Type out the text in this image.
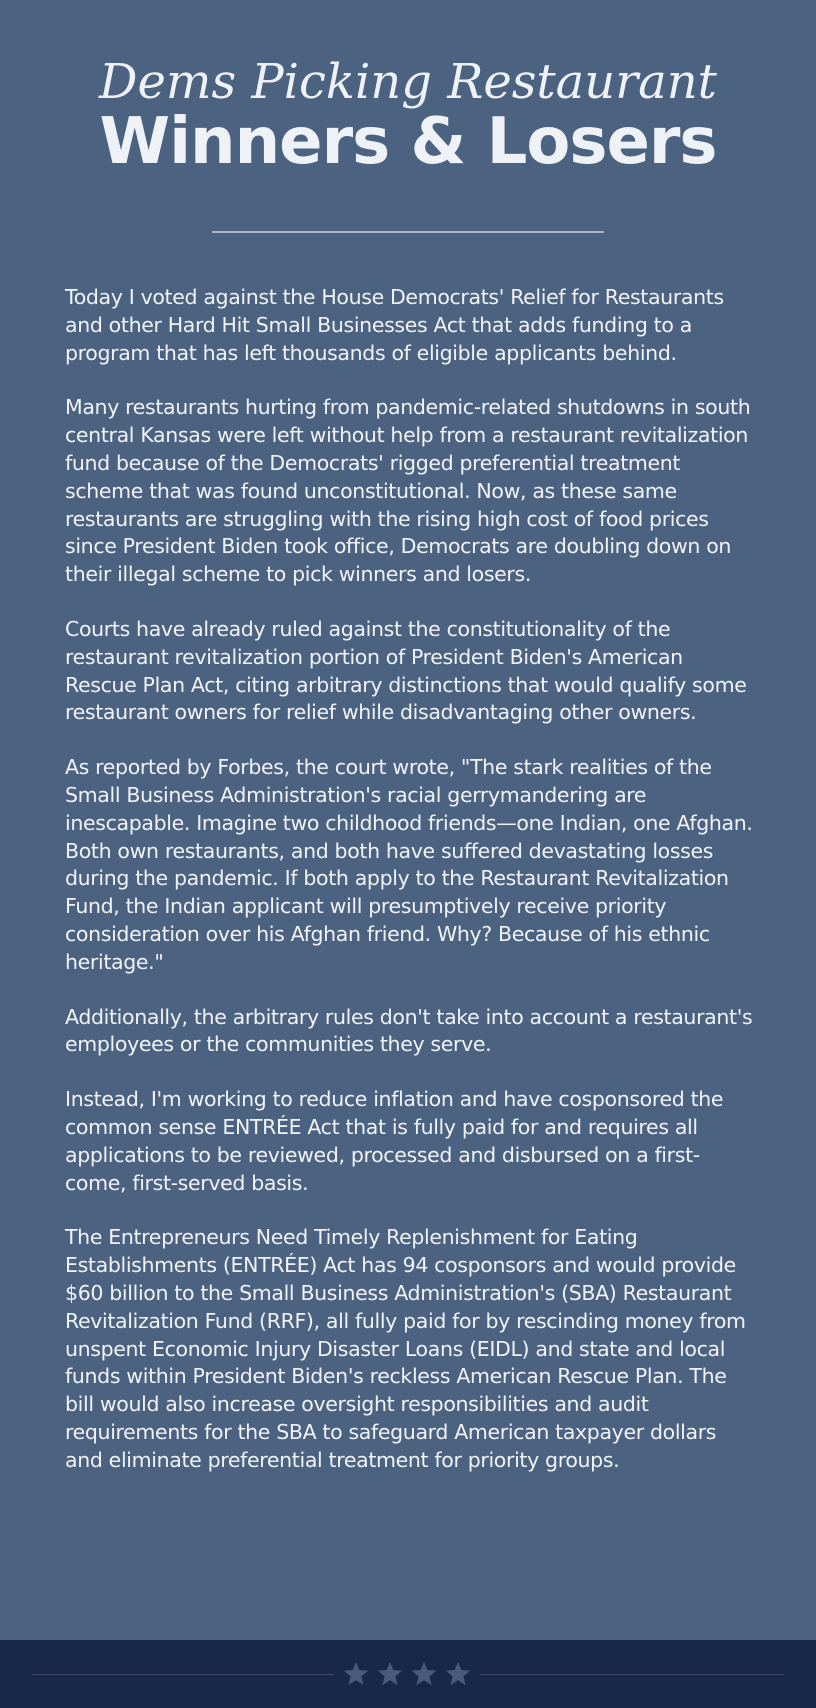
Dems Picking Restaurant
Winners & Losers

Today I voted against the House Democrats' Relief for Restaurants and other Hard Hit Small Businesses Act that adds funding to a program that has left thousands of eligible applicants behind.

Many restaurants hurting from pandemic-related shutdowns in south central Kansas were left without help from a restaurant revitalization fund because of the Democrats' rigged preferential treatment scheme that was found unconstitutional. Now, as these same restaurants are struggling with the rising high cost of food prices since President Biden took office, Democrats are doubling down on their illegal scheme to pick winners and losers.

Courts have already ruled against the constitutionality of the restaurant revitalization portion of President Biden's American Rescue Plan Act, citing arbitrary distinctions that would qualify some restaurant owners for relief while disadvantaging other owners.

As reported by Forbes, the court wrote, "The stark realities of the Small Business Administration's racial gerrymandering are inescapable. Imagine two childhood friends—one Indian, one Afghan. Both own restaurants, and both have suffered devastating losses during the pandemic. If both apply to the Restaurant Revitalization Fund, the Indian applicant will presumptively receive priority consideration over his Afghan friend. Why? Because of his ethnic heritage."

Additionally, the arbitrary rules don't take into account a restaurant's employees or the communities they serve.

Instead, I'm working to reduce inflation and have cosponsored the common sense ENTRÉE Act that is fully paid for and requires all applications to be reviewed, processed and disbursed on a first-come, first-served basis.

The Entrepreneurs Need Timely Replenishment for Eating Establishments (ENTRÉE) Act has 94 cosponsors and would provide $60 billion to the Small Business Administration's (SBA) Restaurant Revitalization Fund (RRF), all fully paid for by rescinding money from unspent Economic Injury Disaster Loans (EIDL) and state and local funds within President Biden's reckless American Rescue Plan. The bill would also increase oversight responsibilities and audit requirements for the SBA to safeguard American taxpayer dollars and eliminate preferential treatment for priority groups.
